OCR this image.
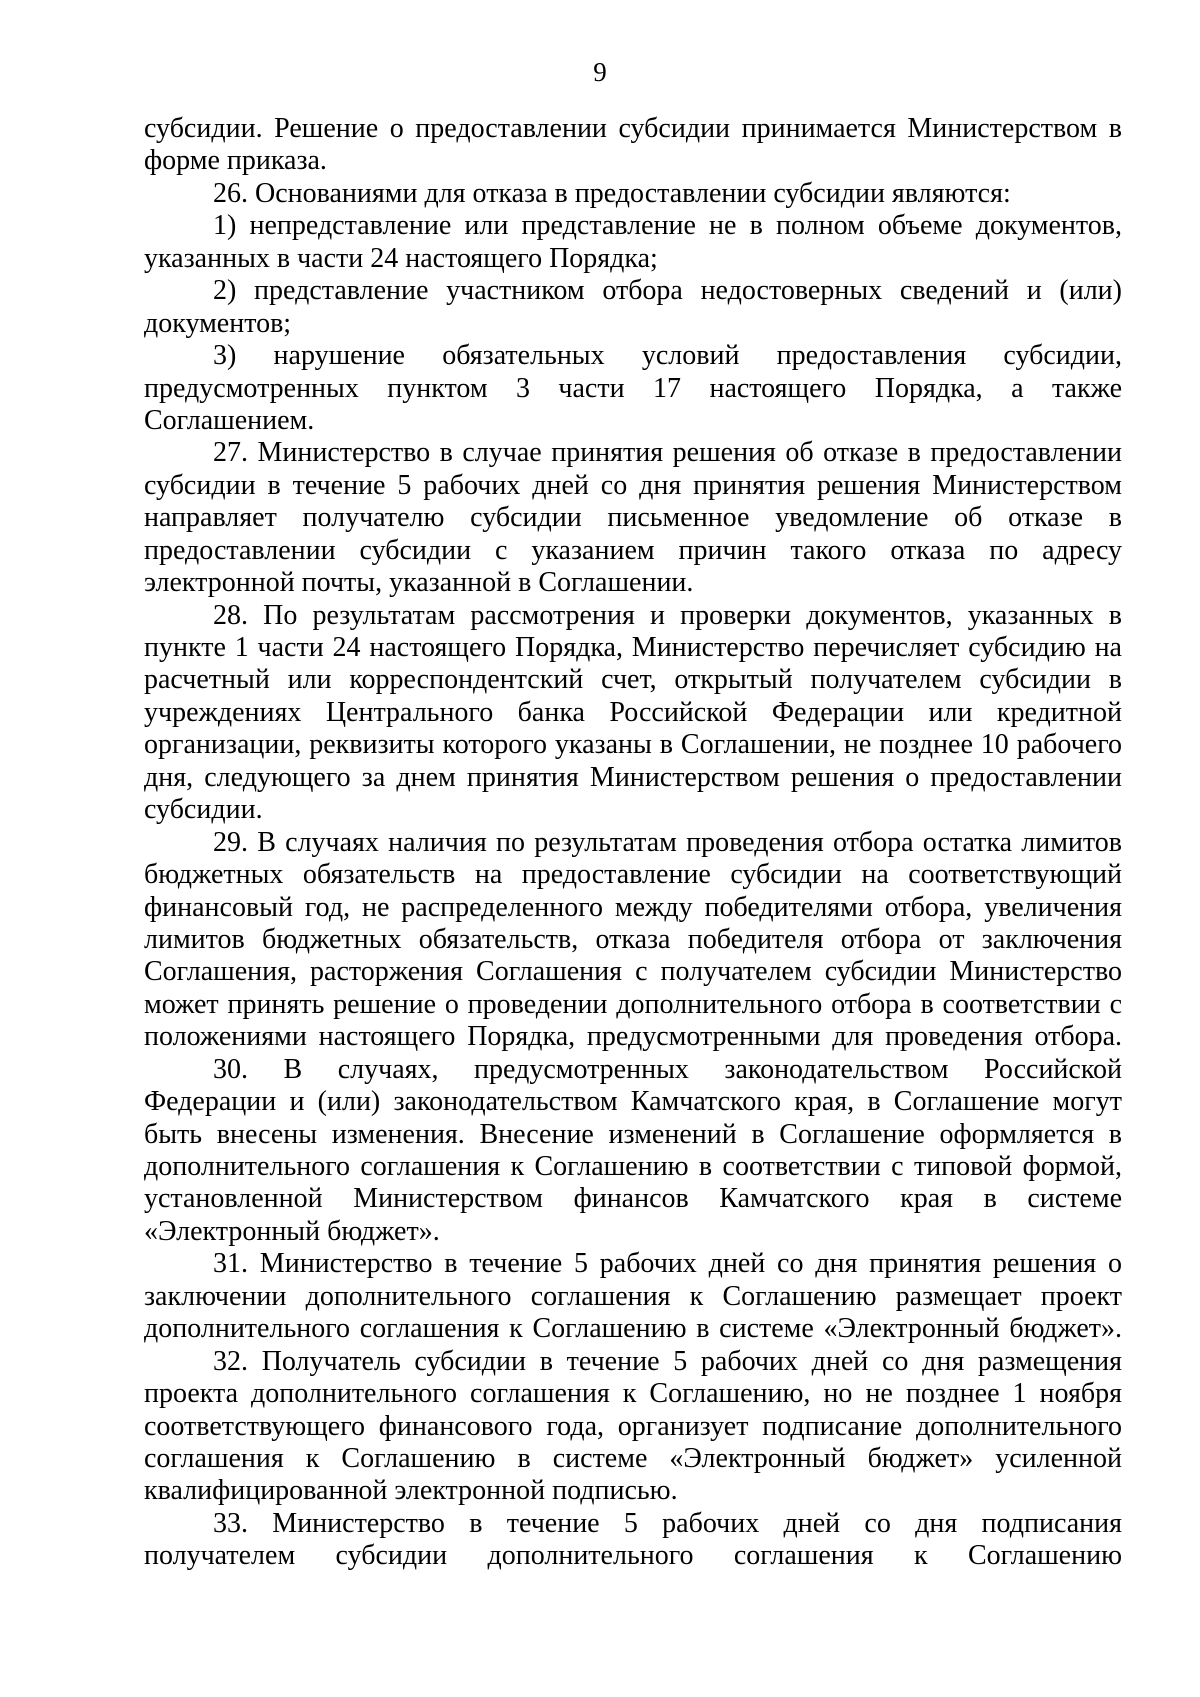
9
субсидии. Решение о предоставлении субсидии принимается Министерством в
форме приказа.
26. Основаниями для отказа в предоставлении субсидии являются:
1) непредставление или представление не в полном объеме документов,
указанных в части 24 настоящего Порядка;
2) представление участником отбора недостоверных сведений и (или)
документов;
3) нарушение обязательных условий предоставления субсидии,
предусмотренных пунктом 3 части 17 настоящего Порядка, а также
Соглашением.
27. Министерство в случае принятия решения об отказе в предоставлении
субсидии в течение 5 рабочих дней со дня принятия решения Министерством
направляет получателю субсидии письменное уведомление об отказе в
предоставлении субсидии с указанием причин такого отказа по адресу
электронной почты, указанной в Соглашении.
28. По результатам рассмотрения и проверки документов, указанных в
пункте 1 части 24 настоящего Порядка, Министерство перечисляет субсидию на
расчетный или корреспондентский счет, открытый получателем субсидии в
учреждениях Центрального банка Российской Федерации или кредитной
организации, реквизиты которого указаны в Соглашении, не позднее 10 рабочего
дня, следующего за днем принятия Министерством решения о предоставлении
субсидии.
29. В случаях наличия по результатам проведения отбора остатка лимитов
бюджетных обязательств на предоставление субсидии на соответствующий
финансовый год, не распределенного между победителями отбора, увеличения
лимитов бюджетных обязательств, отказа победителя отбора от заключения
Соглашения, расторжения Соглашения с получателем субсидии Министерство
может принять решение о проведении дополнительного отбора в соответствии с
положениями настоящего Порядка, предусмотренными для проведения отбора.
30. В случаях, предусмотренных законодательством Российской
Федерации и (или) законодательством Камчатского края, в Соглашение могут
быть внесены изменения. Внесение изменений в Соглашение оформляется в
дополнительного соглашения к Соглашению в соответствии с типовой формой,
установленной Министерством финансов Камчатского края в системе
«Электронный бюджет».
31. Министерство в течение 5 рабочих дней со дня принятия решения о
заключении дополнительного соглашения к Соглашению размещает проект
дополнительного соглашения к Соглашению в системе «Электронный бюджет».
32. Получатель субсидии в течение 5 рабочих дней со дня размещения
проекта дополнительного соглашения к Соглашению, но не позднее 1 ноября
соответствующего финансового года, организует подписание дополнительного
соглашения к Соглашению в системе «Электронный бюджет» усиленной
квалифицированной электронной подписью.
33. Министерство в течение 5 рабочих дней со дня подписания
получателем субсидии дополнительного соглашения к Соглашению
